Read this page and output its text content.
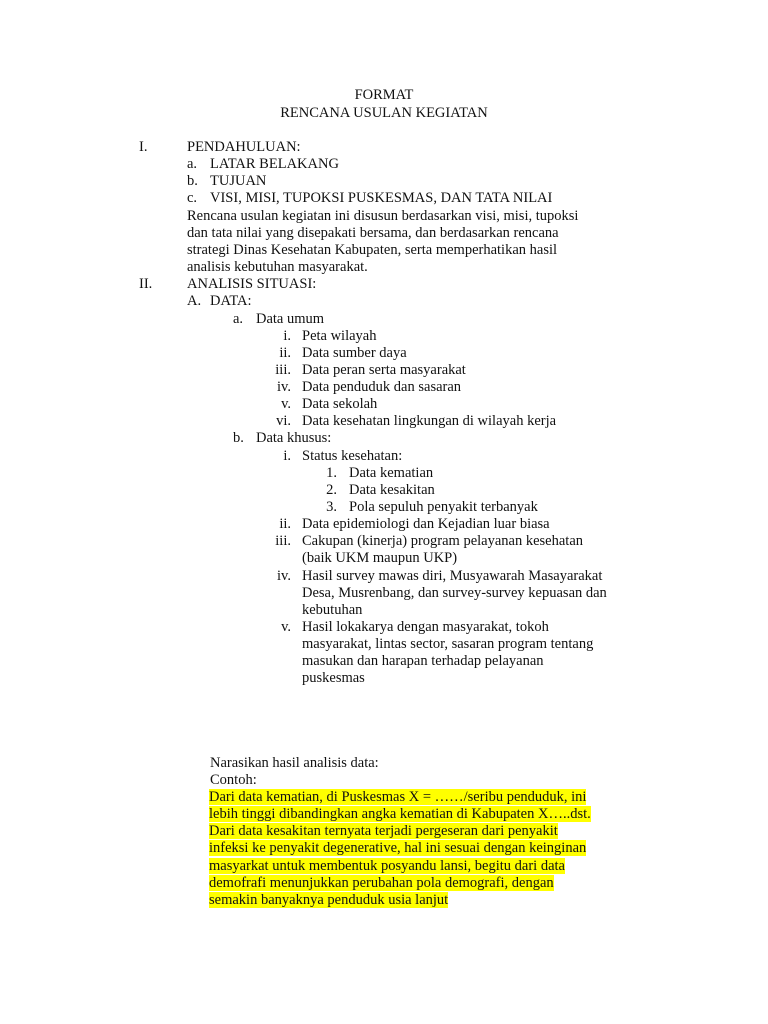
FORMAT
RENCANA USULAN KEGIATAN
I.	PENDAHULUAN:
a. LATAR BELAKANG
b. TUJUAN
c. VISI, MISI, TUPOKSI PUSKESMAS, DAN TATA NILAI
Rencana usulan kegiatan ini disusun berdasarkan visi, misi, tupoksi
dan tata nilai yang disepakati bersama, dan berdasarkan rencana
strategi Dinas Kesehatan Kabupaten, serta memperhatikan hasil
analisis kebutuhan masyarakat.
II. ANALISIS SITUASI:
A. DATA:
a. Data umum
i. Peta wilayah
ii. Data sumber daya
iii. Data peran serta masyarakat
iv. Data penduduk dan sasaran
v. Data sekolah
vi. Data kesehatan lingkungan di wilayah kerja
b. Data khusus:
i. Status kesehatan:
1. Data kematian
2. Data kesakitan
3. Pola sepuluh penyakit terbanyak
ii. Data epidemiologi dan Kejadian luar biasa
iii. Cakupan (kinerja) program pelayanan kesehatan
(baik UKM maupun UKP)
iv. Hasil survey mawas diri, Musyawarah Masayarakat
Desa, Musrenbang, dan survey-survey kepuasan dan
kebutuhan
v. Hasil lokakarya dengan masyarakat, tokoh
masyarakat, lintas sector, sasaran program tentang
masukan dan harapan terhadap pelayanan
puskesmas
Narasikan hasil analisis data:
Contoh:
Dari data kematian, di Puskesmas X = ……/seribu penduduk, ini
lebih tinggi dibandingkan angka kematian di Kabupaten X…..dst.
Dari data kesakitan ternyata terjadi pergeseran dari penyakit
infeksi ke penyakit degenerative, hal ini sesuai dengan keinginan
masyarkat untuk membentuk posyandu lansi, begitu dari data
demofrafi menunjukkan perubahan pola demografi, dengan
semakin banyaknya penduduk usia lanjut
